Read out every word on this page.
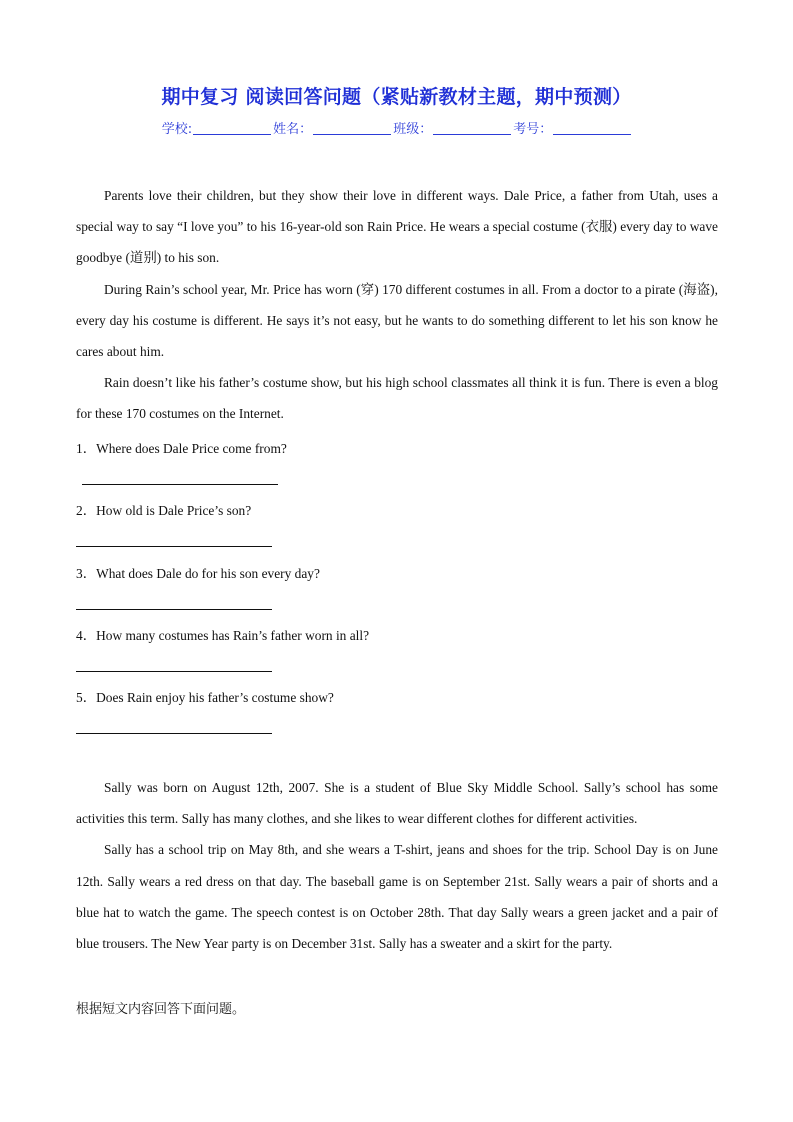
期中复习 阅读回答问题（紧贴新教材主题，期中预测）
学校:	姓名：	班级：	考号：

Parents love their children, but they show their love in different ways. Dale Price, a father from Utah, uses a special way to say “I love you” to his 16-year-old son Rain Price. He wears a special costume (衣服) every day to wave goodbye (道别) to his son.

During Rain’s school year, Mr. Price has worn (穿) 170 different costumes in all. From a doctor to a pirate (海盗), every day his costume is different. He says it’s not easy, but he wants to do something different to let his son know he cares about him.

Rain doesn’t like his father’s costume show, but his high school classmates all think it is fun. There is even a blog for these 170 costumes on the Internet.

1．Where does Dale Price come from?
2．How old is Dale Price’s son?
3．What does Dale do for his son every day?
4．How many costumes has Rain’s father worn in all?
5．Does Rain enjoy his father’s costume show?

Sally was born on August 12th, 2007. She is a student of Blue Sky Middle School. Sally’s school has some activities this term. Sally has many clothes, and she likes to wear different clothes for different activities.

Sally has a school trip on May 8th, and she wears a T-shirt, jeans and shoes for the trip. School Day is on June 12th. Sally wears a red dress on that day. The baseball game is on September 21st. Sally wears a pair of shorts and a blue hat to watch the game. The speech contest is on October 28th. That day Sally wears a green jacket and a pair of blue trousers. The New Year party is on December 31st. Sally has a sweater and a skirt for the party.

根据短文内容回答下面问题。
